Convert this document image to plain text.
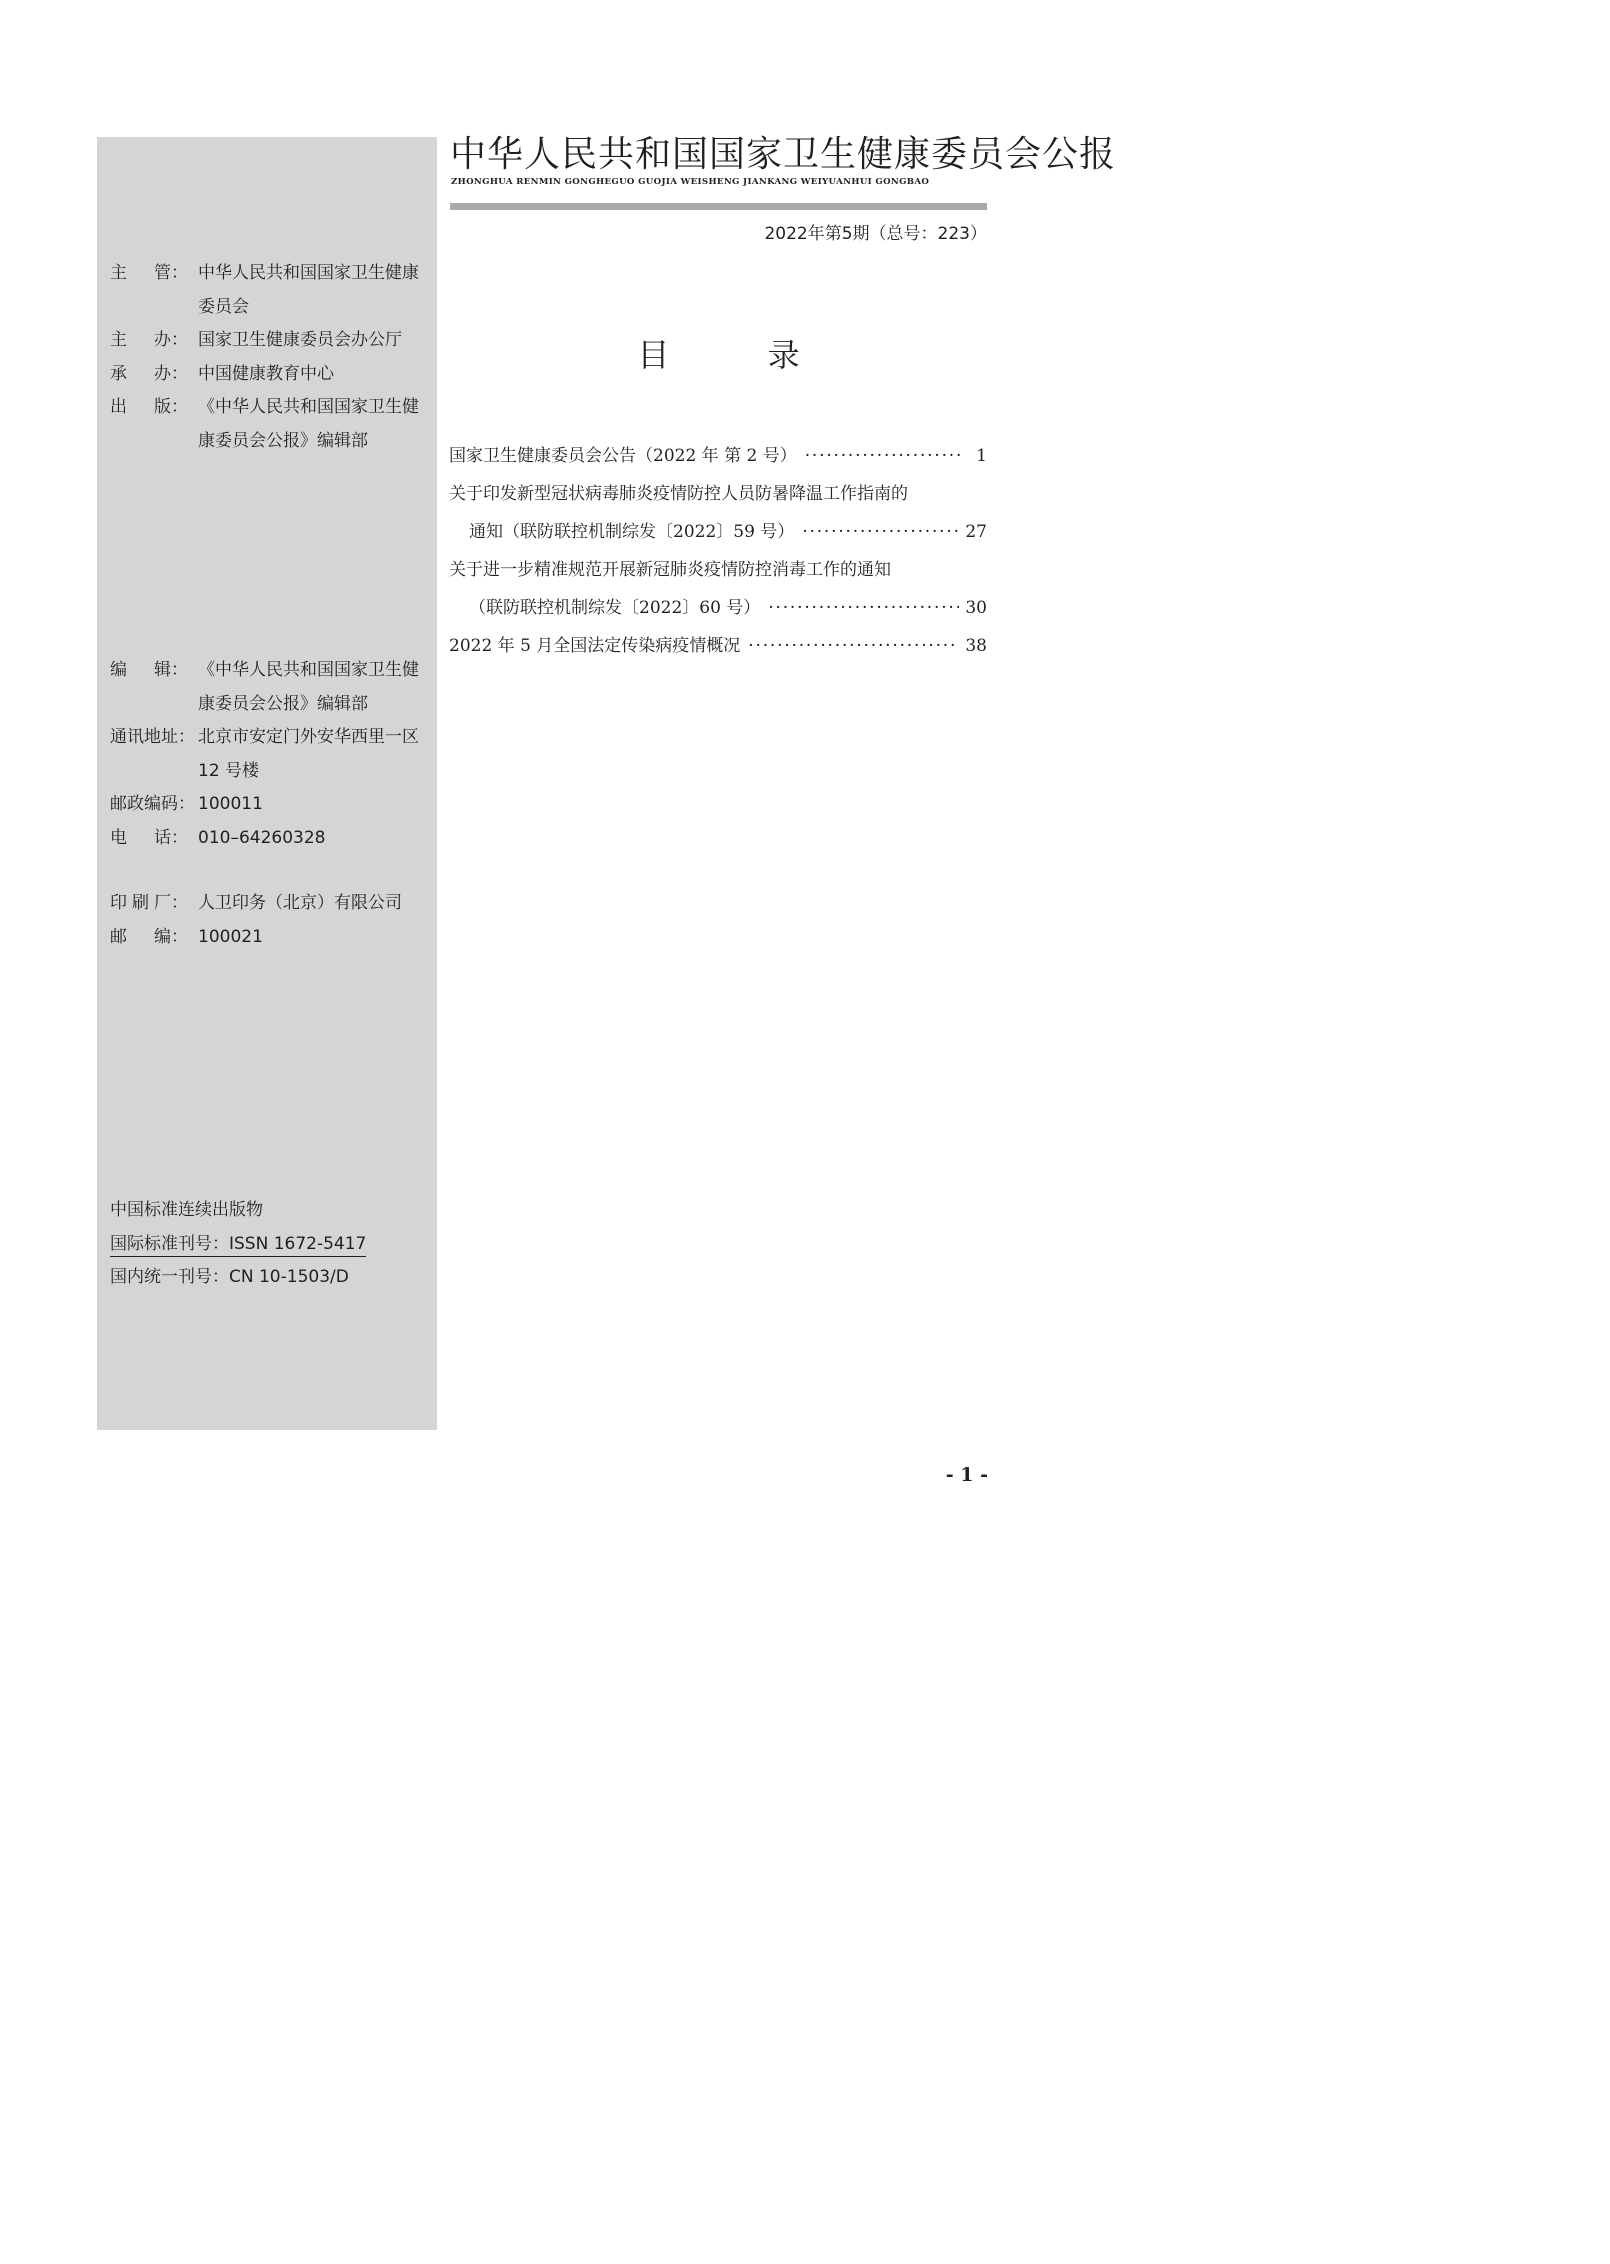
主 管： 中华人民共和国国家卫生健康委员会
主 办： 国家卫生健康委员会办公厅
承 办： 中国健康教育中心
出 版： 《中华人民共和国国家卫生健康委员会公报》编辑部
编 辑： 《中华人民共和国国家卫生健康委员会公报》编辑部
通 讯 地 址： 北京市安定门外安华西里一区 12 号楼
邮 政 编 码： 100011
电 话： 010–64260328
印 刷 厂： 人卫印务（北京）有限公司
邮 编： 100021
中国标准连续出版物
国际标准刊号：ISSN 1672-5417
国内统一刊号：CN 10-1503/D
中华人民共和国国家卫生健康委员会公报
ZHONGHUA RENMIN GONGHEGUO GUOJIA WEISHENG JIANKANG WEIYUANHUI GONGBAO
2022年第5期（总号：223）
目 录
国家卫生健康委员会公告（2022 年 第 2 号） ·····	1
关于印发新型冠状病毒肺炎疫情防控人员防暑降温工作指南的
通知（联防联控机制综发〔2022〕59 号） ·····	27
关于进一步精准规范开展新冠肺炎疫情防控消毒工作的通知
（联防联控机制综发〔2022〕60 号） ·····	30
2022 年 5 月全国法定传染病疫情概况 ·····	38
- 1 -
